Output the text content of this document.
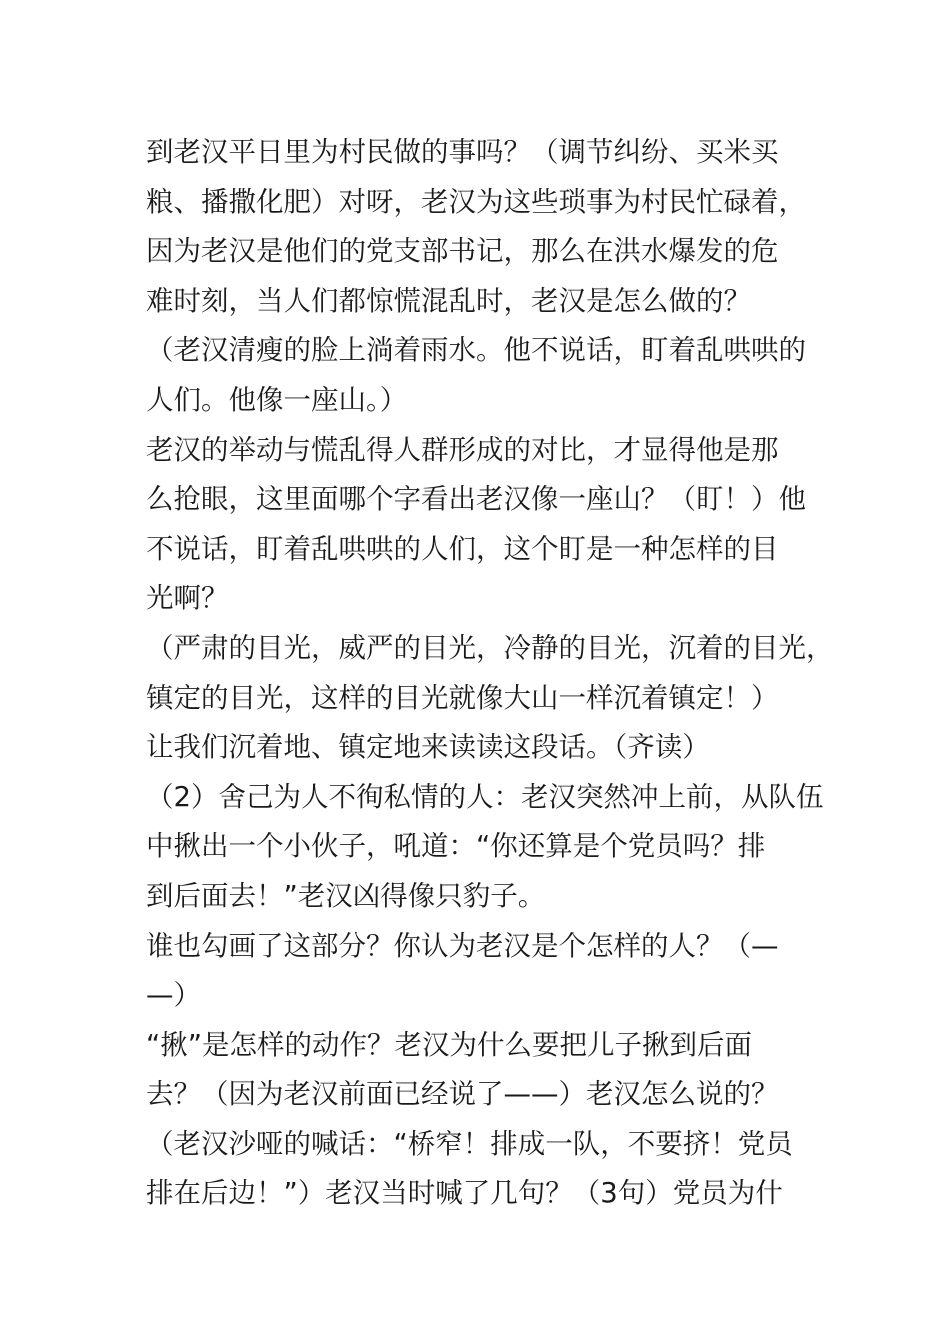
到老汉平日里为村民做的事吗？（调节纠纷、买米买
粮、播撒化肥）对呀，老汉为这些琐事为村民忙碌着，
因为老汉是他们的党支部书记，那么在洪水爆发的危
难时刻，当人们都惊慌混乱时，老汉是怎么做的？
（老汉清瘦的脸上淌着雨水。他不说话，盯着乱哄哄的
人们。他像一座山。）
老汉的举动与慌乱得人群形成的对比，才显得他是那
么抢眼，这里面哪个字看出老汉像一座山？（盯！）他
不说话，盯着乱哄哄的人们，这个盯是一种怎样的目
光啊？
（严肃的目光，威严的目光，冷静的目光，沉着的目光，
镇定的目光，这样的目光就像大山一样沉着镇定！）
让我们沉着地、镇定地来读读这段话。（齐读）
（2）舍己为人不徇私情的人：老汉突然冲上前，从队伍
中揪出一个小伙子，吼道：“你还算是个党员吗？排
到后面去！”老汉凶得像只豹子。
谁也勾画了这部分？你认为老汉是个怎样的人？（—
—）
“揪”是怎样的动作？老汉为什么要把儿子揪到后面
去？（因为老汉前面已经说了——）老汉怎么说的？
（老汉沙哑的喊话：“桥窄！排成一队，不要挤！党员
排在后边！”）老汉当时喊了几句？（3句）党员为什
